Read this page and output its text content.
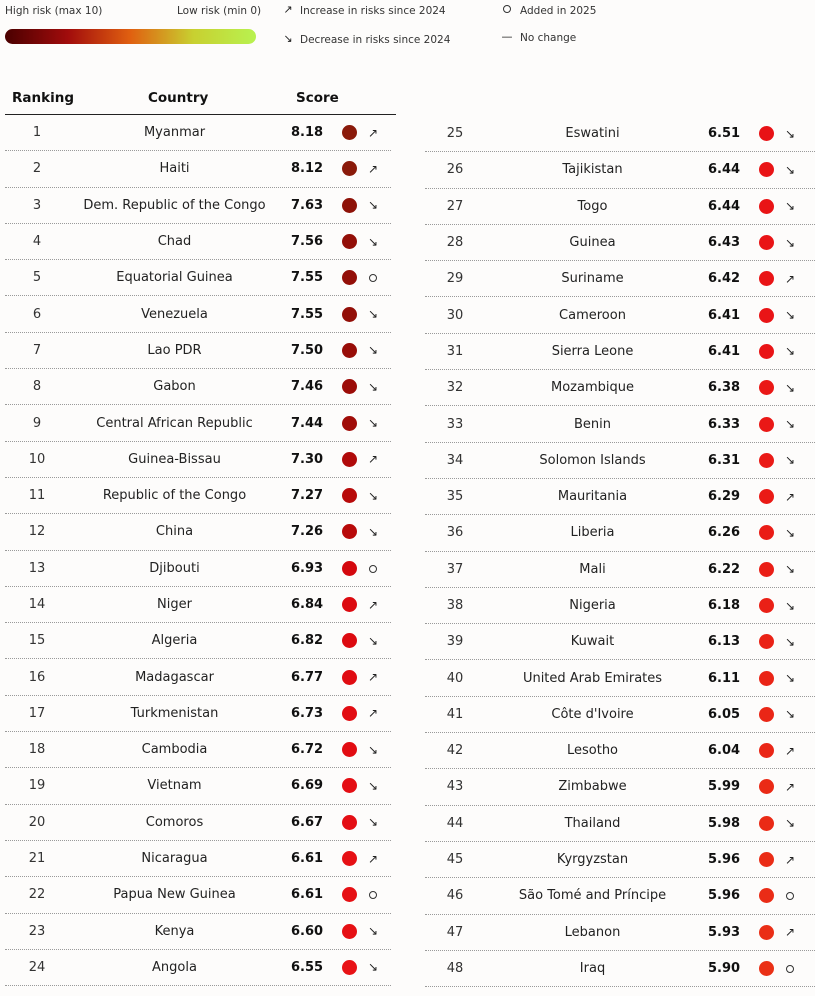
High risk (max 10)	Low risk (min 0) ↗ Increase in risks since 2024
↘ Decrease in risks since 2024
Added in 2025
— No change
Ranking	Country	Score
1	Myanmar	8.18	↗
2	Haiti	8.12	↗
3	Dem. Republic of the Congo 7.63	↘
4	Chad	7.56	↘
5	Equatorial Guinea	7.55
6	Venezuela	7.55	↘
7	Lao PDR	7.50	↘
8	Gabon	7.46	↘
9	Central African Republic	7.44	↘
10	Guinea-Bissau	7.30	↗
11	Republic of the Congo	7.27	↘
12	China	7.26	↘
13	Djibouti	6.93
14	Niger	6.84	↗
15	Algeria	6.82	↘
16	Madagascar	6.77	↗
17	Turkmenistan	6.73	↗
18	Cambodia	6.72	↘
19	Vietnam	6.69	↘
20	Comoros	6.67	↘
21	Nicaragua	6.61	↗
22	Papua New Guinea	6.61
23	Kenya	6.60	↘
24	Angola	6.55	↘
25	Eswatini	6.51	↘
26	Tajikistan	6.44	↘
27	Togo	6.44	↘
28	Guinea	6.43	↘
29	Suriname	6.42	↗
30	Cameroon	6.41	↘
31	Sierra Leone	6.41	↘
32	Mozambique	6.38	↘
33	Benin	6.33	↘
34	Solomon Islands	6.31	↘
35	Mauritania	6.29	↗
36	Liberia	6.26	↘
37	Mali	6.22	↘
38	Nigeria	6.18	↘
39	Kuwait	6.13	↘
40	United Arab Emirates	6.11	↘
41	Côte d'Ivoire	6.05	↘
42	Lesotho	6.04	↗
43	Zimbabwe	5.99	↗
44	Thailand	5.98	↘
45	Kyrgyzstan	5.96	↗
46	São Tomé and Príncipe	5.96
47	Lebanon	5.93	↗
48	Iraq	5.90
